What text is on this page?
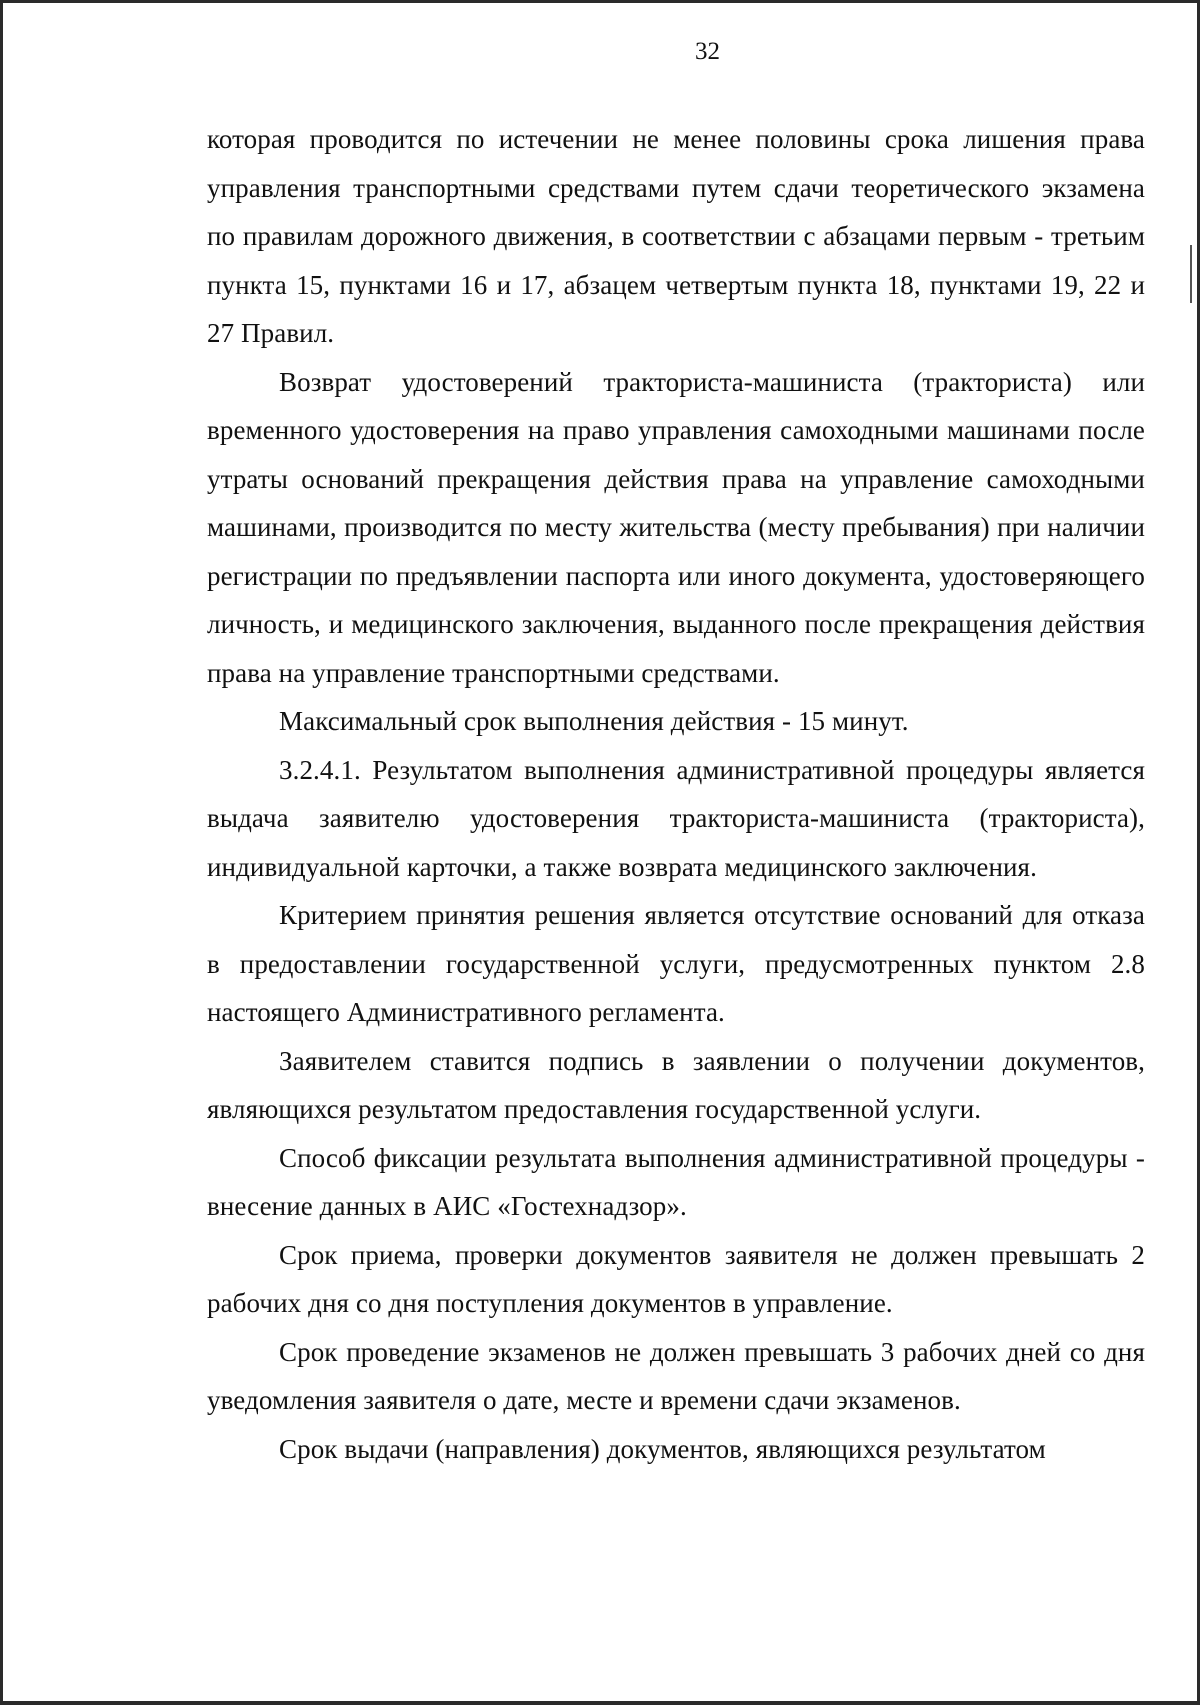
32

которая проводится по истечении не менее половины срока лишения права управления транспортными средствами путем сдачи теоретического экзамена по правилам дорожного движения, в соответствии с абзацами первым - третьим пункта 15, пунктами 16 и 17, абзацем четвертым пункта 18, пунктами 19, 22 и 27 Правил.

Возврат удостоверений тракториста-машиниста (тракториста) или временного удостоверения на право управления самоходными машинами после утраты оснований прекращения действия права на управление самоходными машинами, производится по месту жительства (месту пребывания) при наличии регистрации по предъявлении паспорта или иного документа, удостоверяющего личность, и медицинского заключения, выданного после прекращения действия права на управление транспортными средствами.

Максимальный срок выполнения действия - 15 минут.

3.2.4.1. Результатом выполнения административной процедуры является выдача заявителю удостоверения тракториста-машиниста (тракториста), индивидуальной карточки, а также возврата медицинского заключения.

Критерием принятия решения является отсутствие оснований для отказа в предоставлении государственной услуги, предусмотренных пунктом 2.8 настоящего Административного регламента.

Заявителем ставится подпись в заявлении о получении документов, являющихся результатом предоставления государственной услуги.

Способ фиксации результата выполнения административной процедуры - внесение данных в АИС «Гостехнадзор».

Срок приема, проверки документов заявителя не должен превышать 2 рабочих дня со дня поступления документов в управление.

Срок проведение экзаменов не должен превышать 3 рабочих дней со дня уведомления заявителя о дате, месте и времени сдачи экзаменов.

Срок выдачи (направления) документов, являющихся результатом
